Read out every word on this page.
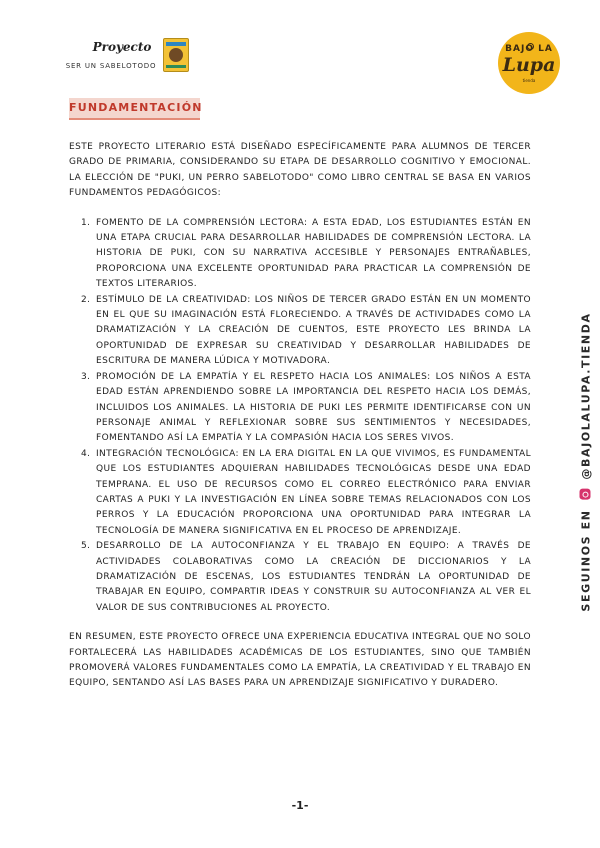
Proyecto
SER UN SABELOTODO
BAJO LA
Lupa
tienda
FUNDAMENTACIÓN

ESTE PROYECTO LITERARIO ESTÁ DISEÑADO ESPECÍFICAMENTE PARA ALUMNOS DE TERCER GRADO DE PRIMARIA, CONSIDERANDO SU ETAPA DE DESARROLLO COGNITIVO Y EMOCIONAL. LA ELECCIÓN DE "PUKI, UN PERRO SABELOTODO" COMO LIBRO CENTRAL SE BASA EN VARIOS FUNDAMENTOS PEDAGÓGICOS:

1. FOMENTO DE LA COMPRENSIÓN LECTORA: A ESTA EDAD, LOS ESTUDIANTES ESTÁN EN UNA ETAPA CRUCIAL PARA DESARROLLAR HABILIDADES DE COMPRENSIÓN LECTORA. LA HISTORIA DE PUKI, CON SU NARRATIVA ACCESIBLE Y PERSONAJES ENTRAÑABLES, PROPORCIONA UNA EXCELENTE OPORTUNIDAD PARA PRACTICAR LA COMPRENSIÓN DE TEXTOS LITERARIOS.
2. ESTÍMULO DE LA CREATIVIDAD: LOS NIÑOS DE TERCER GRADO ESTÁN EN UN MOMENTO EN EL QUE SU IMAGINACIÓN ESTÁ FLORECIENDO. A TRAVÉS DE ACTIVIDADES COMO LA DRAMATIZACIÓN Y LA CREACIÓN DE CUENTOS, ESTE PROYECTO LES BRINDA LA OPORTUNIDAD DE EXPRESAR SU CREATIVIDAD Y DESARROLLAR HABILIDADES DE ESCRITURA DE MANERA LÚDICA Y MOTIVADORA.
3. PROMOCIÓN DE LA EMPATÍA Y EL RESPETO HACIA LOS ANIMALES: LOS NIÑOS A ESTA EDAD ESTÁN APRENDIENDO SOBRE LA IMPORTANCIA DEL RESPETO HACIA LOS DEMÁS, INCLUIDOS LOS ANIMALES. LA HISTORIA DE PUKI LES PERMITE IDENTIFICARSE CON UN PERSONAJE ANIMAL Y REFLEXIONAR SOBRE SUS SENTIMIENTOS Y NECESIDADES, FOMENTANDO ASÍ LA EMPATÍA Y LA COMPASIÓN HACIA LOS SERES VIVOS.
4. INTEGRACIÓN TECNOLÓGICA: EN LA ERA DIGITAL EN LA QUE VIVIMOS, ES FUNDAMENTAL QUE LOS ESTUDIANTES ADQUIERAN HABILIDADES TECNOLÓGICAS DESDE UNA EDAD TEMPRANA. EL USO DE RECURSOS COMO EL CORREO ELECTRÓNICO PARA ENVIAR CARTAS A PUKI Y LA INVESTIGACIÓN EN LÍNEA SOBRE TEMAS RELACIONADOS CON LOS PERROS Y LA EDUCACIÓN PROPORCIONA UNA OPORTUNIDAD PARA INTEGRAR LA TECNOLOGÍA DE MANERA SIGNIFICATIVA EN EL PROCESO DE APRENDIZAJE.
5. DESARROLLO DE LA AUTOCONFIANZA Y EL TRABAJO EN EQUIPO: A TRAVÉS DE ACTIVIDADES COLABORATIVAS COMO LA CREACIÓN DE DICCIONARIOS Y LA DRAMATIZACIÓN DE ESCENAS, LOS ESTUDIANTES TENDRÁN LA OPORTUNIDAD DE TRABAJAR EN EQUIPO, COMPARTIR IDEAS Y CONSTRUIR SU AUTOCONFIANZA AL VER EL VALOR DE SUS CONTRIBUCIONES AL PROYECTO.

EN RESUMEN, ESTE PROYECTO OFRECE UNA EXPERIENCIA EDUCATIVA INTEGRAL QUE NO SOLO FORTALECERÁ LAS HABILIDADES ACADÉMICAS DE LOS ESTUDIANTES, SINO QUE TAMBIÉN PROMOVERÁ VALORES FUNDAMENTALES COMO LA EMPATÍA, LA CREATIVIDAD Y EL TRABAJO EN EQUIPO, SENTANDO ASÍ LAS BASES PARA UN APRENDIZAJE SIGNIFICATIVO Y DURADERO.

SEGUINOS EN  @BAJOLALUPA.TIENDA
-1-
